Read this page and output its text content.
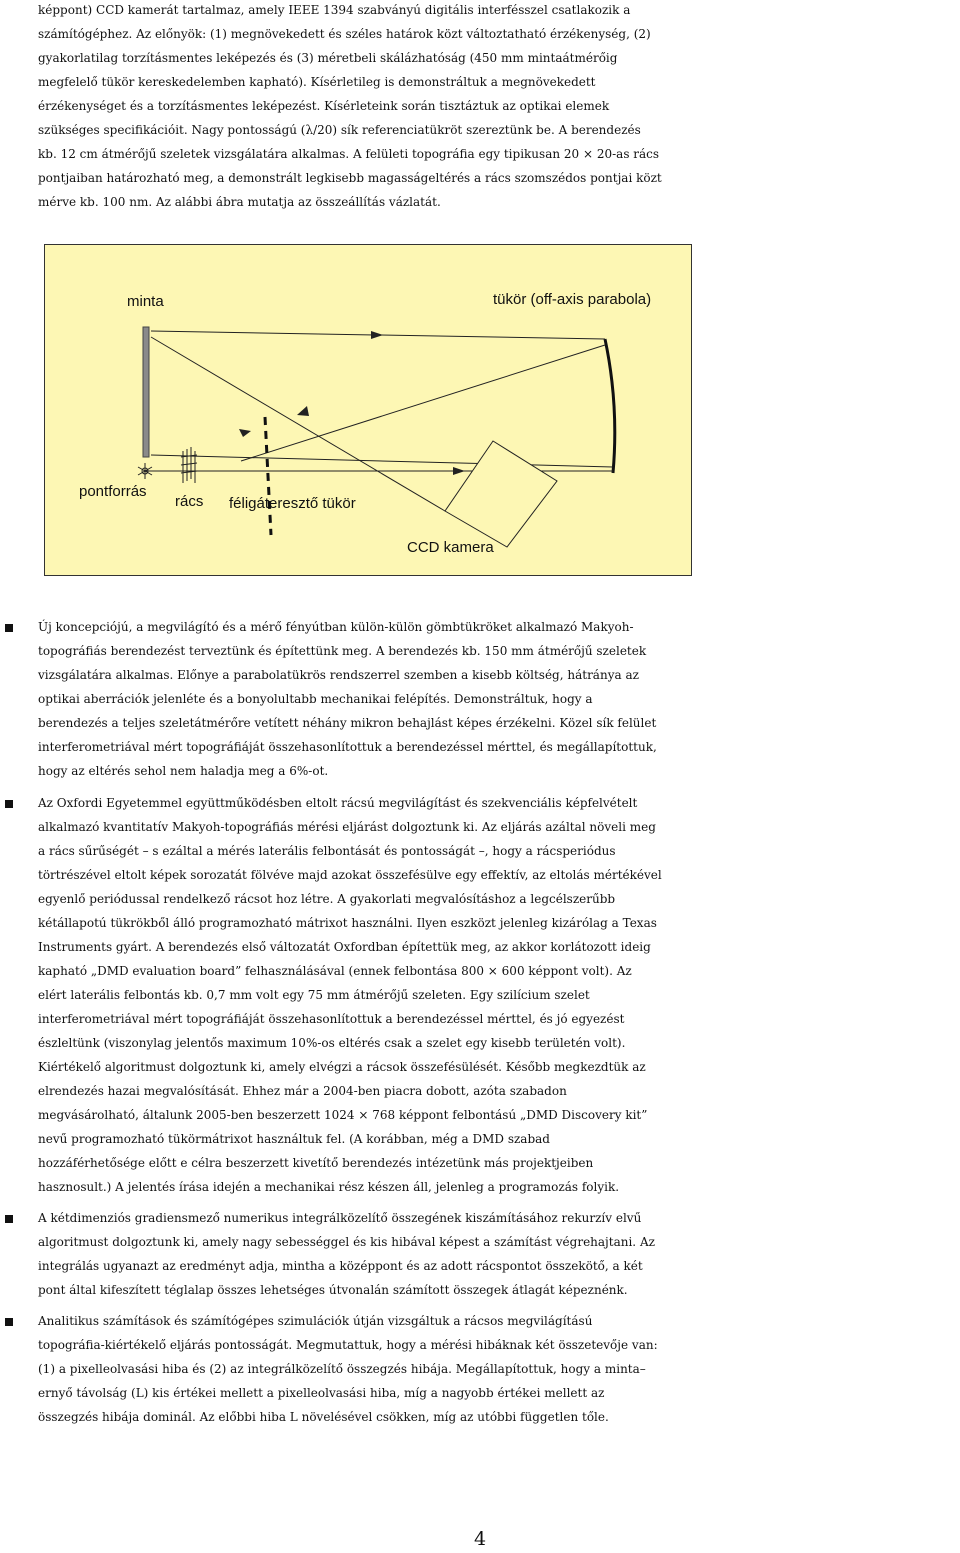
képpont) CCD kamerát tartalmaz, amely IEEE 1394 szabványú digitális interfésszel csatlakozik a
számítógéphez. Az előnyök: (1) megnövekedett és széles határok közt változtatható érzékenység, (2)
gyakorlatilag torzításmentes leképezés és (3) méretbeli skálázhatóság (450 mm mintaátmérőig
megfelelő tükör kereskedelemben kapható). Kísérletileg is demonstráltuk a megnövekedett
érzékenységet és a torzításmentes leképezést. Kísérleteink során tisztáztuk az optikai elemek
szükséges specifikációit. Nagy pontosságú (λ/20) sík referenciatükröt szereztünk be. A berendezés
kb. 12 cm átmérőjű szeletek vizsgálatára alkalmas. A felületi topográfia egy tipikusan 20 × 20-as rács
pontjaiban határozható meg, a demonstrált legkisebb magasságeltérés a rács szomszédos pontjai közt
mérve kb. 100 nm. Az alábbi ábra mutatja az összeállítás vázlatát.
minta	tükör (off-axis parabola)
pontforrás
rács féligáteresztő tükör
CCD kamera
Új koncepciójú, a megvilágító és a mérő fényútban külön-külön gömbtükröket alkalmazó Makyoh-
topográfiás berendezést terveztünk és építettünk meg. A berendezés kb. 150 mm átmérőjű szeletek
vizsgálatára alkalmas. Előnye a parabolatükrös rendszerrel szemben a kisebb költség, hátránya az
optikai aberrációk jelenléte és a bonyolultabb mechanikai felépítés. Demonstráltuk, hogy a
berendezés a teljes szeletátmérőre vetített néhány mikron behajlást képes érzékelni. Közel sík felület
interferometriával mért topográfiáját összehasonlítottuk a berendezéssel mérttel, és megállapítottuk,
hogy az eltérés sehol nem haladja meg a 6%-ot.
Az Oxfordi Egyetemmel együttműködésben eltolt rácsú megvilágítást és szekvenciális képfelvételt
alkalmazó kvantitatív Makyoh-topográfiás mérési eljárást dolgoztunk ki. Az eljárás azáltal növeli meg
a rács sűrűségét – s ezáltal a mérés laterális felbontását és pontosságát –, hogy a rácsperiódus
törtrészével eltolt képek sorozatát fölvéve majd azokat összefésülve egy effektív, az eltolás mértékével
egyenlő periódussal rendelkező rácsot hoz létre. A gyakorlati megvalósításhoz a legcélszerűbb
kétállapotú tükrökből álló programozható mátrixot használni. Ilyen eszközt jelenleg kizárólag a Texas
Instruments gyárt. A berendezés első változatát Oxfordban építettük meg, az akkor korlátozott ideig
kapható „DMD evaluation board” felhasználásával (ennek felbontása 800 × 600 képpont volt). Az
elért laterális felbontás kb. 0,7 mm volt egy 75 mm átmérőjű szeleten. Egy szilícium szelet
interferometriával mért topográfiáját összehasonlítottuk a berendezéssel mérttel, és jó egyezést
észleltünk (viszonylag jelentős maximum 10%-os eltérés csak a szelet egy kisebb területén volt).
Kiértékelő algoritmust dolgoztunk ki, amely elvégzi a rácsok összefésülését. Később megkezdtük az
elrendezés hazai megvalósítását. Ehhez már a 2004-ben piacra dobott, azóta szabadon
megvásárolható, általunk 2005-ben beszerzett 1024 × 768 képpont felbontású „DMD Discovery kit”
nevű programozható tükörmátrixot használtuk fel. (A korábban, még a DMD szabad
hozzáférhetősége előtt e célra beszerzett kivetítő berendezés intézetünk más projektjeiben
hasznosult.) A jelentés írása idején a mechanikai rész készen áll, jelenleg a programozás folyik.
A kétdimenziós gradiensmező numerikus integrálközelítő összegének kiszámításához rekurzív elvű
algoritmust dolgoztunk ki, amely nagy sebességgel és kis hibával képest a számítást végrehajtani. Az
integrálás ugyanazt az eredményt adja, mintha a középpont és az adott rácspontot összekötő, a két
pont által kifeszített téglalap összes lehetséges útvonalán számított összegek átlagát képeznénk.
Analitikus számítások és számítógépes szimulációk útján vizsgáltuk a rácsos megvilágítású
topográfia-kiértékelő eljárás pontosságát. Megmutattuk, hogy a mérési hibáknak két összetevője van:
(1) a pixelleolvasási hiba és (2) az integrálközelítő összegzés hibája. Megállapítottuk, hogy a minta–
ernyő távolság (L) kis értékei mellett a pixelleolvasási hiba, míg a nagyobb értékei mellett az
összegzés hibája dominál. Az előbbi hiba L növelésével csökken, míg az utóbbi független tőle.
4
